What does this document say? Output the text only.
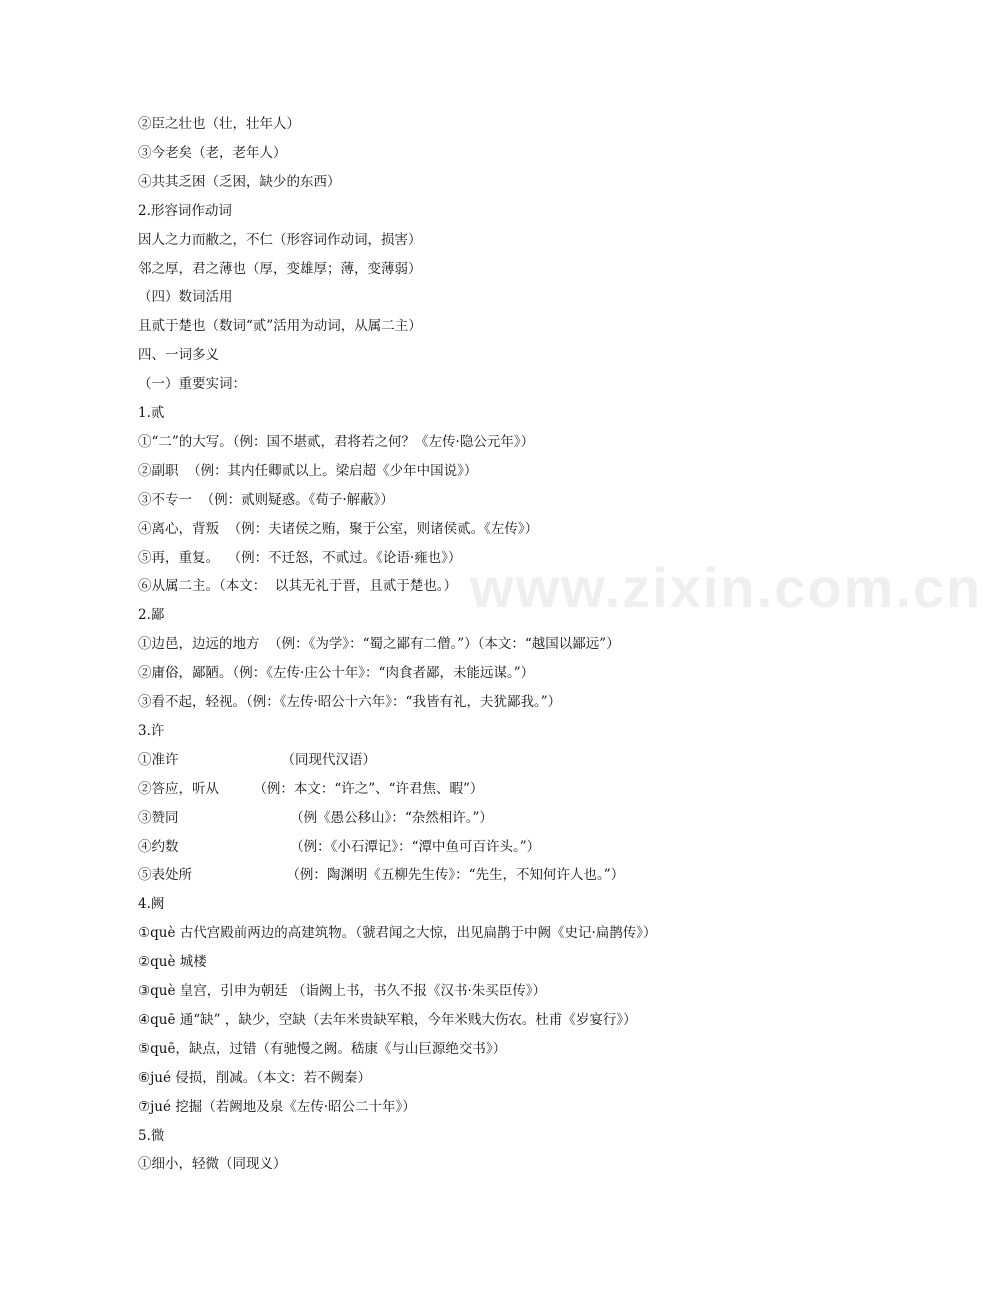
www.zixin.com.cn
②臣之壮也（壮，壮年人）
③今老矣（老，老年人）
④共其乏困（乏困，缺少的东西）
2.形容词作动词
因人之力而敝之，不仁（形容词作动词，损害）
邻之厚，君之薄也（厚，变雄厚；薄，变薄弱）
（四）数词活用
且贰于楚也（数词“贰”活用为动词，从属二主）
四、一词多义
（一）重要实词：
1.贰
①“二”的大写。（例：国不堪贰，君将若之何？《左传·隐公元年》）
②副职  （例：其内任卿贰以上。梁启超《少年中国说》）
③不专一  （例：贰则疑惑。《荀子·解蔽》）
④离心，背叛  （例：夫诸侯之贿，聚于公室，则诸侯贰。《左传》）
⑤再，重复。  （例：不迁怒，不贰过。《论语·雍也》）
⑥从属二主。（本文：  以其无礼于晋，且贰于楚也。）
2.鄙
①边邑，边远的地方  （例：《为学》：“蜀之鄙有二僧。”）（本文：“越国以鄙远”）
②庸俗，鄙陋。（例：《左传·庄公十年》：“肉食者鄙，未能远谋。”）
③看不起，轻视。（例：《左传·昭公十六年》：“我皆有礼，夫犹鄙我。”）
3.许
①准许                        （同现代汉语）
②答应，听从        （例：本文：“许之”、“许君焦、暇”）
③赞同                          （例《愚公移山》：“杂然相许。”）
④约数                          （例：《小石潭记》：“潭中鱼可百许头。”）
⑤表处所                      （例：陶渊明《五柳先生传》：“先生，不知何许人也。”）
4.阙
①què 古代宫殿前两边的高建筑物。（虢君闻之大惊，出见扁鹊于中阙《史记·扁鹊传》）
②què 城楼
③què 皇宫，引申为朝廷 （诣阙上书，书久不报《汉书·朱买臣传》）
④quē 通“缺” ，缺少，空缺（去年米贵缺军粮，今年米贱大伤农。杜甫《岁宴行》）
⑤quē，缺点，过错（有驰慢之阙。嵇康《与山巨源绝交书》）
⑥jué 侵损，削减。（本文：若不阙秦）
⑦jué 挖掘（若阙地及泉《左传·昭公二十年》）
5.微
①细小，轻微（同现义）
